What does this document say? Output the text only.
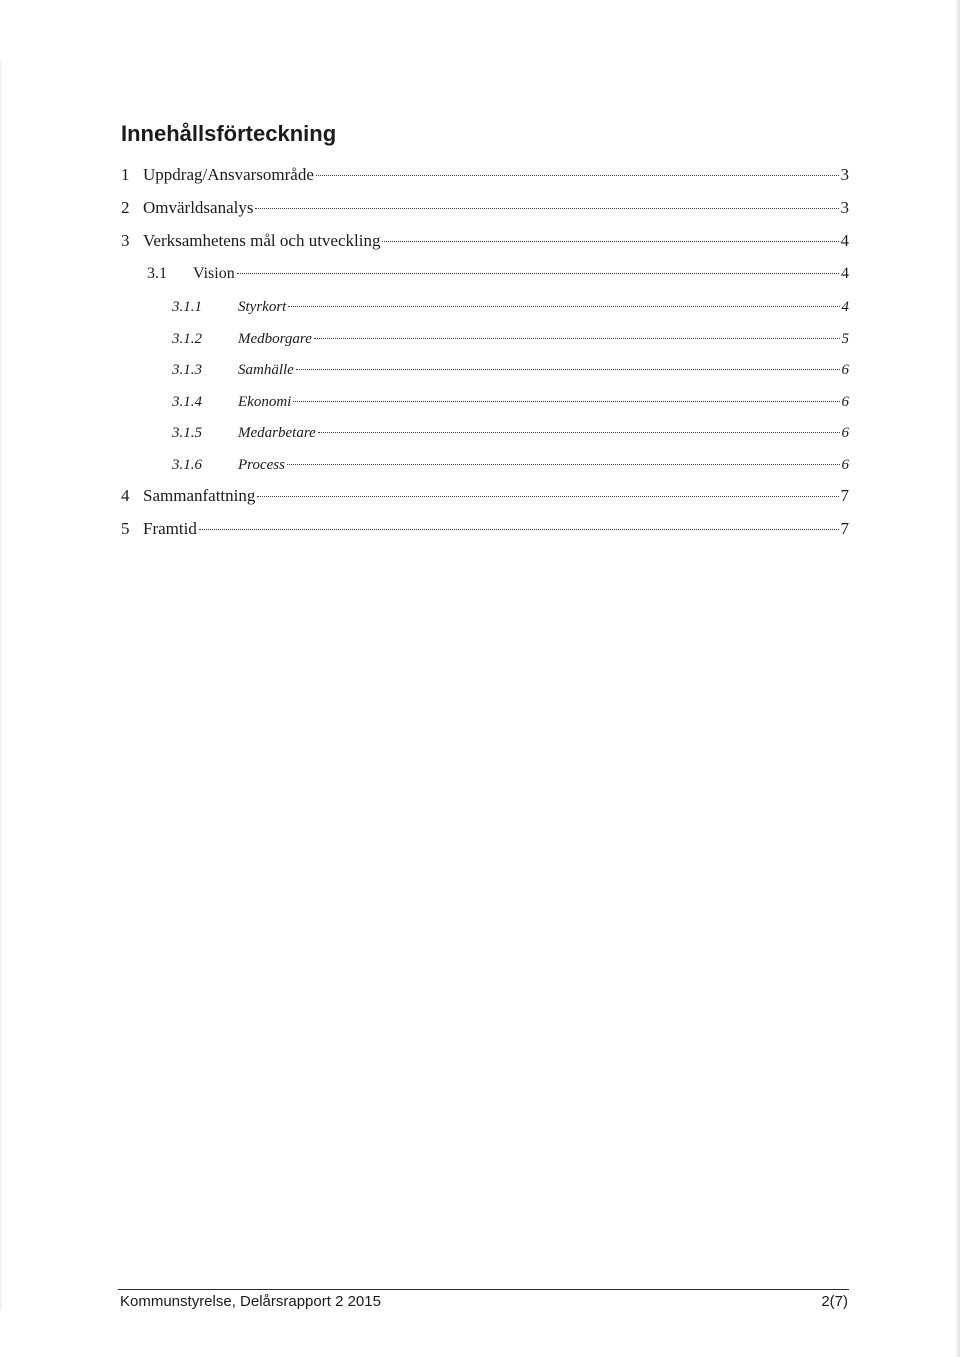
Innehållsförteckning
1 Uppdrag/Ansvarsområde	3
2 Omvärldsanalys	3
3 Verksamhetens mål och utveckling	4
3.1	Vision	4
3.1.1	Styrkort	4
3.1.2	Medborgare	5
3.1.3	Samhälle	6
3.1.4	Ekonomi	6
3.1.5	Medarbetare	6
3.1.6	Process	6
4 Sammanfattning	7
5 Framtid	7
Kommunstyrelse, Delårsrapport 2 2015	2(7)
